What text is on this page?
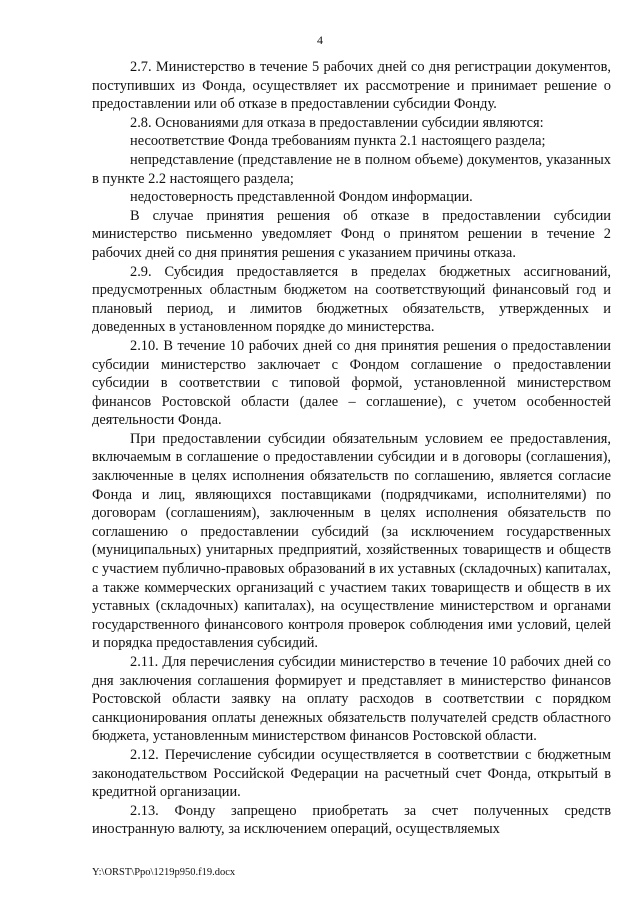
4

2.7. Министерство в течение 5 рабочих дней со дня регистрации документов, поступивших из Фонда, осуществляет их рассмотрение и принимает решение о предоставлении или об отказе в предоставлении субсидии Фонду.

2.8. Основаниями для отказа в предоставлении субсидии являются:

несоответствие Фонда требованиям пункта 2.1 настоящего раздела;

непредставление (представление не в полном объеме) документов, указанных в пункте 2.2 настоящего раздела;

недостоверность представленной Фондом информации.

В случае принятия решения об отказе в предоставлении субсидии министерство письменно уведомляет Фонд о принятом решении в течение 2 рабочих дней со дня принятия решения с указанием причины отказа.

2.9. Субсидия предоставляется в пределах бюджетных ассигнований, предусмотренных областным бюджетом на соответствующий финансовый год и плановый период, и лимитов бюджетных обязательств, утвержденных и доведенных в установленном порядке до министерства.

2.10. В течение 10 рабочих дней со дня принятия решения о предоставлении субсидии министерство заключает с Фондом соглашение о предоставлении субсидии в соответствии с типовой формой, установленной министерством финансов Ростовской области (далее – соглашение), с учетом особенностей деятельности Фонда.

При предоставлении субсидии обязательным условием ее предоставления, включаемым в соглашение о предоставлении субсидии и в договоры (соглашения), заключенные в целях исполнения обязательств по соглашению, является согласие Фонда и лиц, являющихся поставщиками (подрядчиками, исполнителями) по договорам (соглашениям), заключенным в целях исполнения обязательств по соглашению о предоставлении субсидий (за исключением государственных (муниципальных) унитарных предприятий, хозяйственных товариществ и обществ с участием публично-правовых образований в их уставных (складочных) капиталах, а также коммерческих организаций с участием таких товариществ и обществ в их уставных (складочных) капиталах), на осуществление министерством и органами государственного финансового контроля проверок соблюдения ими условий, целей и порядка предоставления субсидий.

2.11. Для перечисления субсидии министерство в течение 10 рабочих дней со дня заключения соглашения формирует и представляет в министерство финансов Ростовской области заявку на оплату расходов в соответствии с порядком санкционирования оплаты денежных обязательств получателей средств областного бюджета, установленным министерством финансов Ростовской области.

2.12. Перечисление субсидии осуществляется в соответствии с бюджетным законодательством Российской Федерации на расчетный счет Фонда, открытый в кредитной организации.

2.13. Фонду запрещено приобретать за счет полученных средств иностранную валюту, за исключением операций, осуществляемых

Y:\ORST\Ppo\1219p950.f19.docx
